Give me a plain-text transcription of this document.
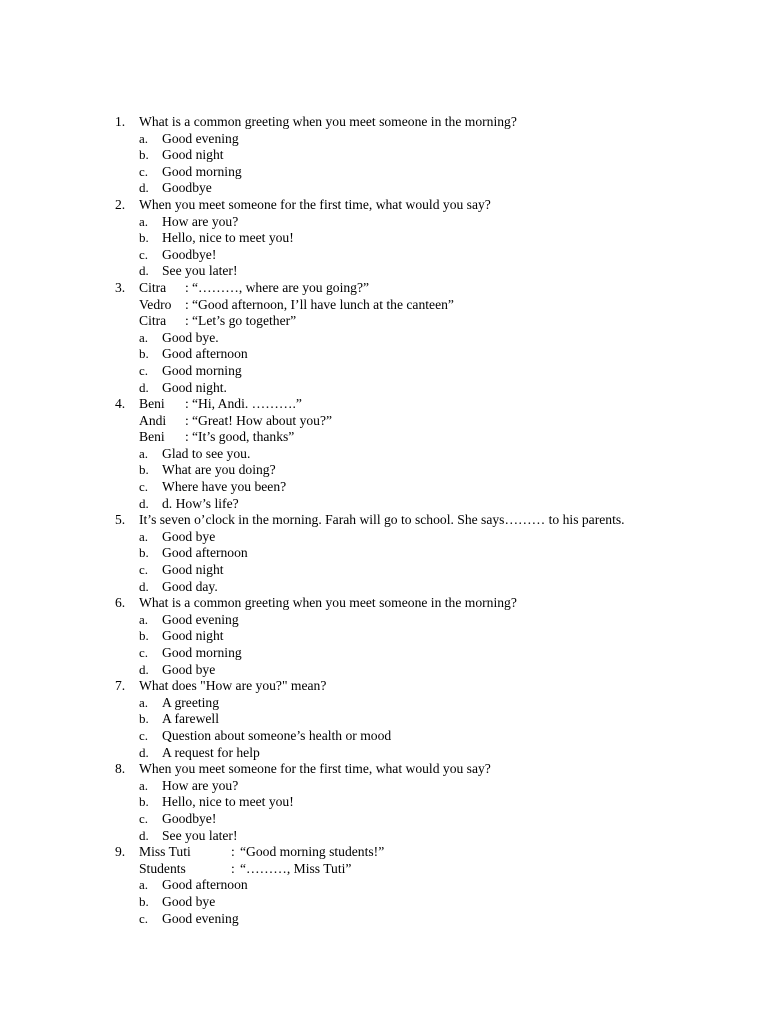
1. What is a common greeting when you meet someone in the morning?
a. Good evening
b. Good night
c. Good morning
d. Goodbye
2. When you meet someone for the first time, what would you say?
a. How are you?
b. Hello, nice to meet you!
c. Goodbye!
d. See you later!
3. Citra : “………, where are you going?”
Vedro : “Good afternoon, I’ll have lunch at the canteen”
Citra : “Let’s go together”
a. Good bye.
b. Good afternoon
c. Good morning
d. Good night.
4. Beni : “Hi, Andi. ……….”
Andi : “Great! How about you?”
Beni : “It’s good, thanks”
a. Glad to see you.
b. What are you doing?
c. Where have you been?
d. d. How’s life?
5. It’s seven o’clock in the morning. Farah will go to school. She says……… to his parents.
a. Good bye
b. Good afternoon
c. Good night
d. Good day.
6. What is a common greeting when you meet someone in the morning?
a. Good evening
b. Good night
c. Good morning
d. Good bye
7. What does "How are you?" mean?
a. A greeting
b. A farewell
c. Question about someone’s health or mood
d. A request for help
8. When you meet someone for the first time, what would you say?
a. How are you?
b. Hello, nice to meet you!
c. Goodbye!
d. See you later!
9. Miss Tuti	: “Good morning students!”
Students	: “………, Miss Tuti”
a. Good afternoon
b. Good bye
c. Good evening
